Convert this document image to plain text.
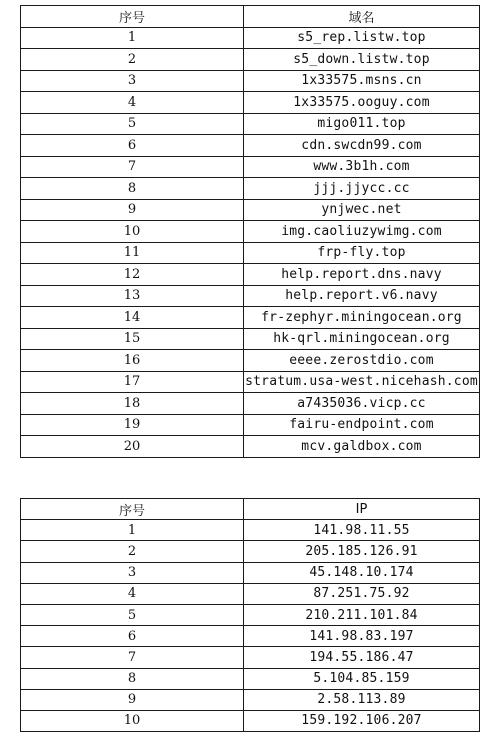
序号	域名
1	s5_rep.listw.top
2	s5_down.listw.top
3	1x33575.msns.cn
4	1x33575.ooguy.com
5	migo011.top
6	cdn.swcdn99.com
7	www.3b1h.com
8	jjj.jjycc.cc
9	ynjwec.net
10	img.caoliuzywimg.com
11	frp-fly.top
12	help.report.dns.navy
13	help.report.v6.navy
14	fr-zephyr.miningocean.org
15	hk-qrl.miningocean.org
16	eeee.zerostdio.com
17	stratum.usa-west.nicehash.com
18	a7435036.vicp.cc
19	fairu-endpoint.com
20	mcv.galdbox.com
序号	IP
1	141.98.11.55
2	205.185.126.91
3	45.148.10.174
4	87.251.75.92
5	210.211.101.84
6	141.98.83.197
7	194.55.186.47
8	5.104.85.159
9	2.58.113.89
10	159.192.106.207
